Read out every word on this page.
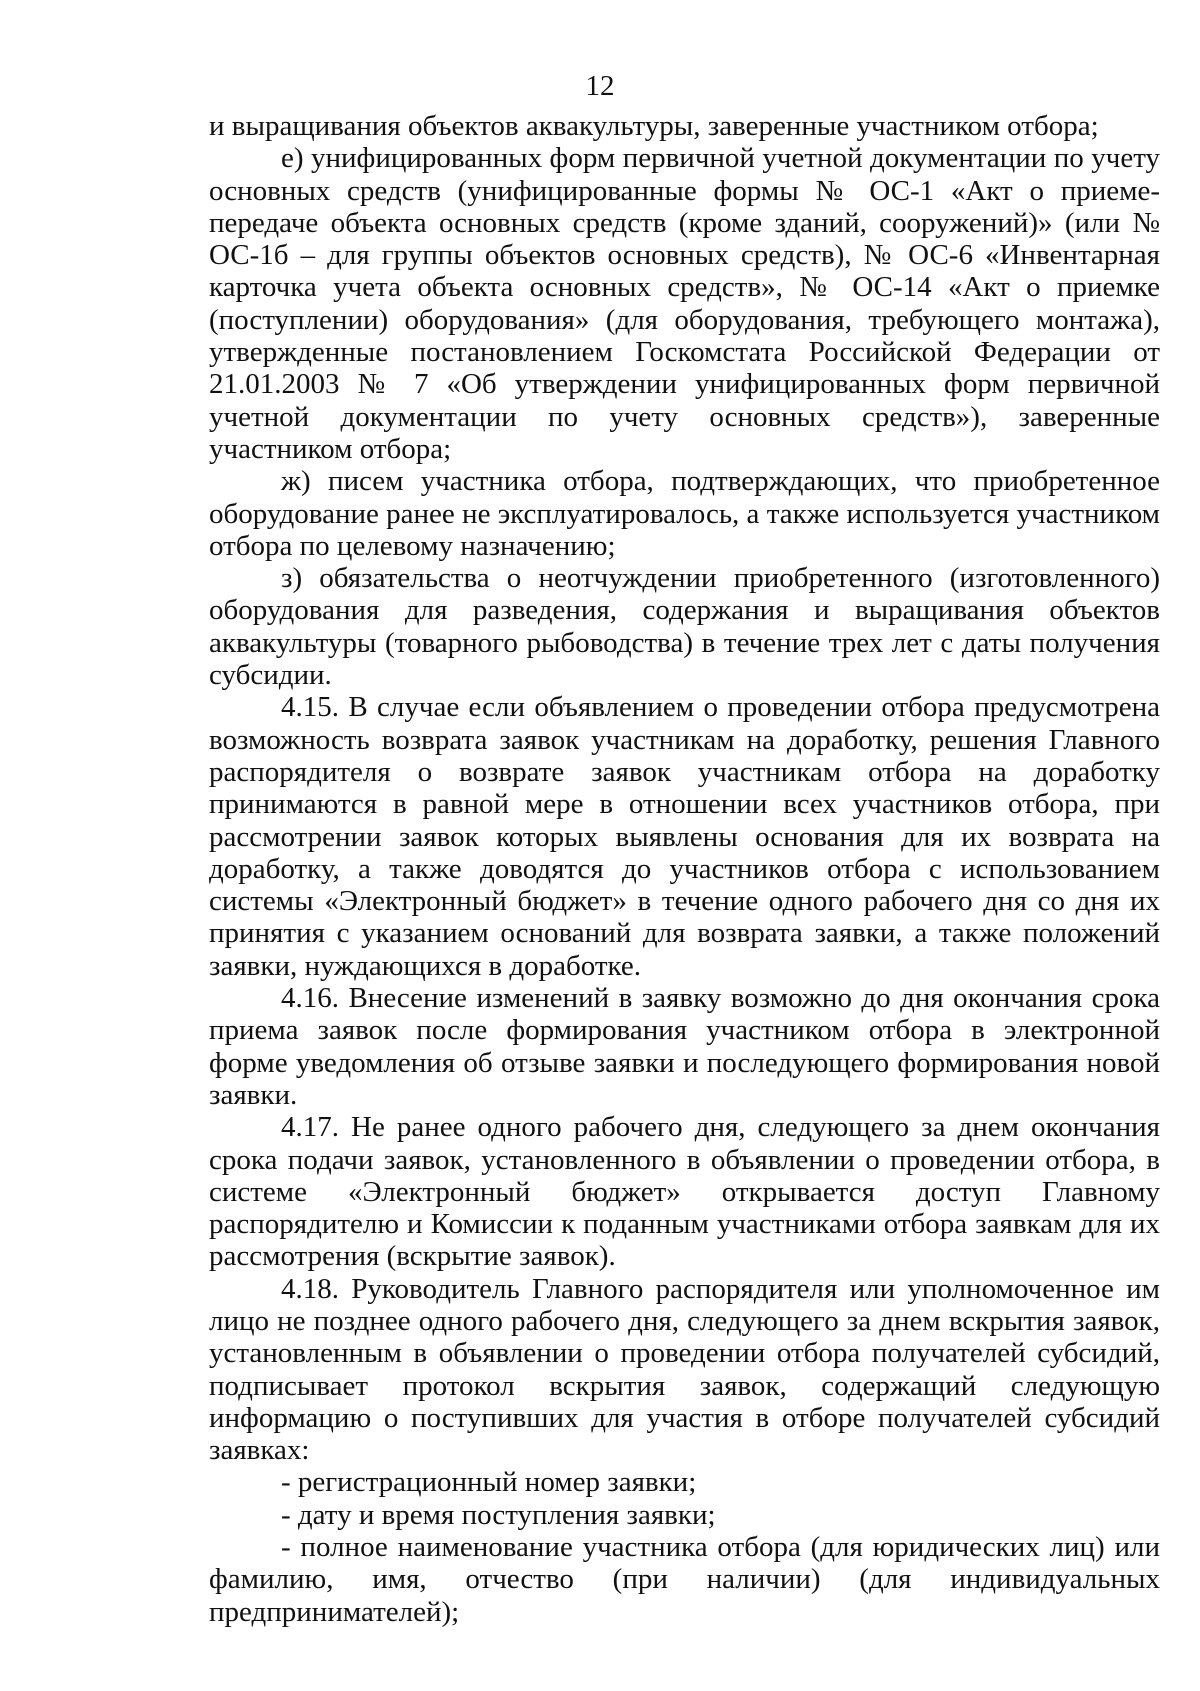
12

и выращивания объектов аквакультуры, заверенные участником отбора;

е) унифицированных форм первичной учетной документации по учету основных средств (унифицированные формы № ОС-1 «Акт о приеме-передаче объекта основных средств (кроме зданий, сооружений)» (или № ОС-1б – для группы объектов основных средств), № ОС-6 «Инвентарная карточка учета объекта основных средств», № ОС-14 «Акт о приемке (поступлении) оборудования» (для оборудования, требующего монтажа), утвержденные постановлением Госкомстата Российской Федерации от 21.01.2003 № 7 «Об утверждении унифицированных форм первичной учетной документации по учету основных средств»), заверенные участником отбора;

ж) писем участника отбора, подтверждающих, что приобретенное оборудование ранее не эксплуатировалось, а также используется участником отбора по целевому назначению;

з) обязательства о неотчуждении приобретенного (изготовленного) оборудования для разведения, содержания и выращивания объектов аквакультуры (товарного рыбоводства) в течение трех лет с даты получения субсидии.

4.15. В случае если объявлением о проведении отбора предусмотрена возможность возврата заявок участникам на доработку, решения Главного распорядителя о возврате заявок участникам отбора на доработку принимаются в равной мере в отношении всех участников отбора, при рассмотрении заявок которых выявлены основания для их возврата на доработку, а также доводятся до участников отбора с использованием системы «Электронный бюджет» в течение одного рабочего дня со дня их принятия с указанием оснований для возврата заявки, а также положений заявки, нуждающихся в доработке.

4.16. Внесение изменений в заявку возможно до дня окончания срока приема заявок после формирования участником отбора в электронной форме уведомления об отзыве заявки и последующего формирования новой заявки.

4.17. Не ранее одного рабочего дня, следующего за днем окончания срока подачи заявок, установленного в объявлении о проведении отбора, в системе «Электронный бюджет» открывается доступ Главному распорядителю и Комиссии к поданным участниками отбора заявкам для их рассмотрения (вскрытие заявок).

4.18. Руководитель Главного распорядителя или уполномоченное им лицо не позднее одного рабочего дня, следующего за днем вскрытия заявок, установленным в объявлении о проведении отбора получателей субсидий, подписывает протокол вскрытия заявок, содержащий следующую информацию о поступивших для участия в отборе получателей субсидий заявках:

- регистрационный номер заявки;

- дату и время поступления заявки;

- полное наименование участника отбора (для юридических лиц) или фамилию, имя, отчество (при наличии) (для индивидуальных предпринимателей);
